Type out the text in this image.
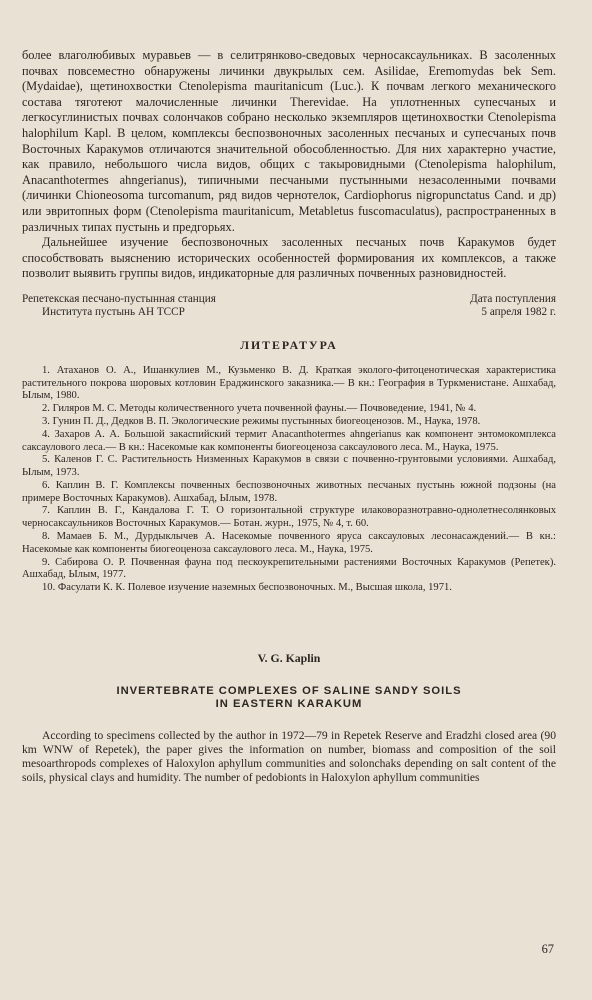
более влаголюбивых муравьев — в селитрянково-сведовых черносаксаульниках. В засоленных почвах повсеместно обнаружены личинки двукрылых сем. Asilidae, Eremomydas bek Sem. (Mydaidae), щетинохвостки Ctenolepisma mauritanicum (Luc.). К почвам легкого механического состава тяготеют малочисленные личинки Therevidae. На уплотненных супесчаных и легкосуглинистых почвах солончаков собрано несколько экземпляров щетинохвостки Ctenolepisma halophilum Kapl. В целом, комплексы беспозвоночных засоленных песчаных и супесчаных почв Восточных Каракумов отличаются значительной обособленностью. Для них характерно участие, как правило, небольшого числа видов, общих с такыровидными (Ctenolepisma halophilum, Anacanthotermes ahngerianus), типичными песчаными пустынными незасоленными почвами (личинки Chioneosoma turcomanum, ряд видов чернотелок, Cardiophorus nigropunctatus Cand. и др) или эвритопных форм (Ctenolepisma mauritanicum, Metabletus fuscomaculatus), распространенных в различных типах пустынь и предгорьях.

Дальнейшее изучение беспозвоночных засоленных песчаных почв Каракумов будет способствовать выяснению исторических особенностей формирования их комплексов, а также позволит выявить группы видов, индикаторные для различных почвенных разновидностей.

Репетекская песчано-пустынная станция
Института пустынь АН ТССР
Дата поступления
5 апреля 1982 г.
ЛИТЕРАТУРА
1. Атаханов О. А., Ишанкулиев М., Кузьменко В. Д. Краткая эколого-фитоценотическая характеристика растительного покрова шоровых котловин Ераджинского заказника.— В кн.: География в Туркменистане. Ашхабад, Ылым, 1980.
2. Гиляров М. С. Методы количественного учета почвенной фауны.— Почвоведение, 1941, № 4.
3. Гунин П. Д., Дедков В. П. Экологические режимы пустынных биогеоценозов. М., Наука, 1978.
4. Захаров А. А. Большой закаспийский термит Anacanthotermes ahngerianus как компонент энтомокомплекса саксаулового леса.— В кн.: Насекомые как компоненты биогеоценоза саксаулового леса. М., Наука, 1975.
5. Каленов Г. С. Растительность Низменных Каракумов в связи с почвенно-грунтовыми условиями. Ашхабад, Ылым, 1973.
6. Каплин В. Г. Комплексы почвенных беспозвоночных животных песчаных пустынь южной подзоны (на примере Восточных Каракумов). Ашхабад, Ылым, 1978.
7. Каплин В. Г., Кандалова Г. Т. О горизонтальной структуре илаковоразнотравно-однолетнесолянковых черносаксаульников Восточных Каракумов.— Ботан. журн., 1975, № 4, т. 60.
8. Мамаев Б. М., Дурдыклычев А. Насекомые почвенного яруса саксауловых лесонасаждений.— В кн.: Насекомые как компоненты биогеоценоза саксаулового леса. М., Наука, 1975.
9. Сабирова О. Р. Почвенная фауна под пескоукрепительными растениями Восточных Каракумов (Репетек). Ашхабад, Ылым, 1977.
10. Фасулати К. К. Полевое изучение наземных беспозвоночных. М., Высшая школа, 1971.
V. G. Kaplin
INVERTEBRATE COMPLEXES OF SALINE SANDY SOILS
IN EASTERN KARAKUM
According to specimens collected by the author in 1972—79 in Repetek Reserve and Eradzhi closed area (90 km WNW of Repetek), the paper gives the information on number, biomass and composition of the soil mesoarthropods complexes of Haloxylon aphyllum communities and solonchaks depending on salt content of the soils, physical clays and humidity. The number of pedobionts in Haloxylon aphyllum communities
67
